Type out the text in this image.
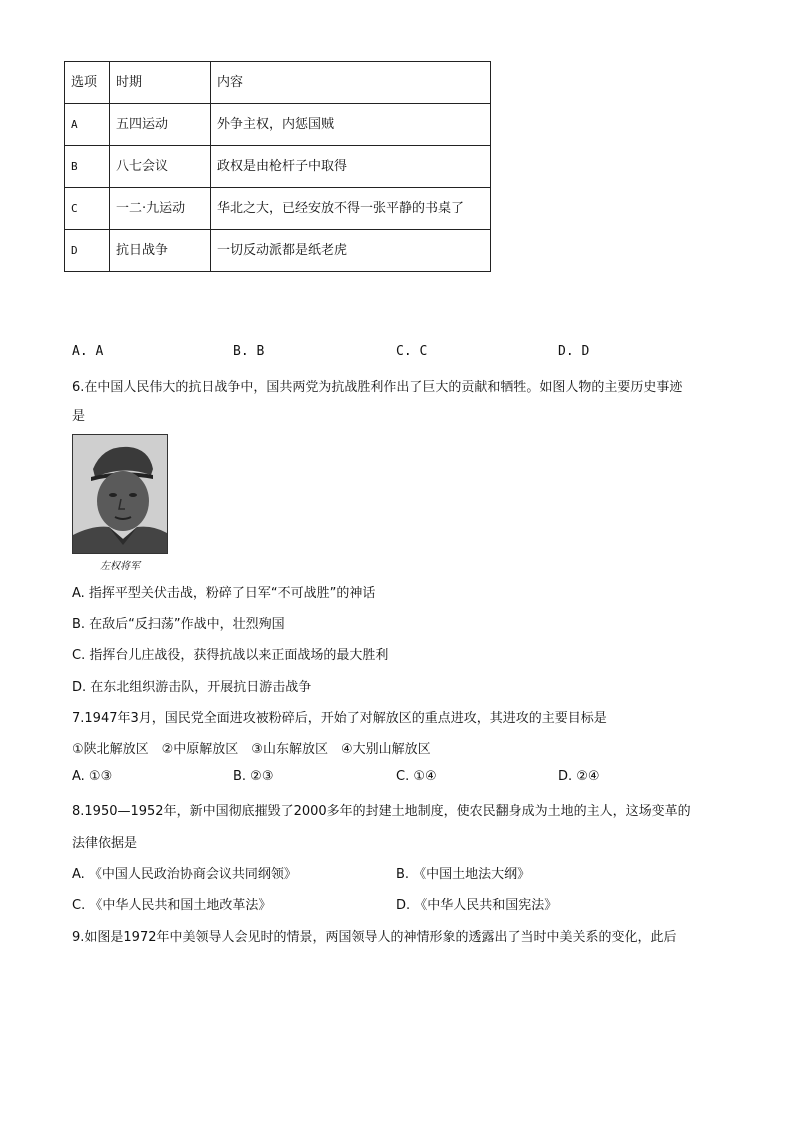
选项	时期	内容
A	五四运动	外争主权，内惩国贼
B	八七会议	政权是由枪杆子中取得
C	一二·九运动	华北之大，已经安放不得一张平静的书桌了
D	抗日战争	一切反动派都是纸老虎
A. A	B. B	C. C	D. D
6.在中国人民伟大的抗日战争中，国共两党为抗战胜利作出了巨大的贡献和牺牲。如图人物的主要历史事迹
是
左权将军
A. 指挥平型关伏击战，粉碎了日军“不可战胜”的神话
B. 在敌后“反扫荡”作战中，壮烈殉国
C. 指挥台儿庄战役，获得抗战以来正面战场的最大胜利
D. 在东北组织游击队，开展抗日游击战争
7.1947年3月，国民党全面进攻被粉碎后，开始了对解放区的重点进攻，其进攻的主要目标是
①陕北解放区　②中原解放区　③山东解放区　④大别山解放区
A. ①③	B. ②③	C. ①④	D. ②④
8.1950—1952年，新中国彻底摧毁了2000多年的封建土地制度，使农民翻身成为土地的主人，这场变革的
法律依据是
A. 《中国人民政治协商会议共同纲领》	B. 《中国土地法大纲》
C. 《中华人民共和国土地改革法》	D. 《中华人民共和国宪法》
9.如图是1972年中美领导人会见时的情景，两国领导人的神情形象的透露出了当时中美关系的变化，此后
